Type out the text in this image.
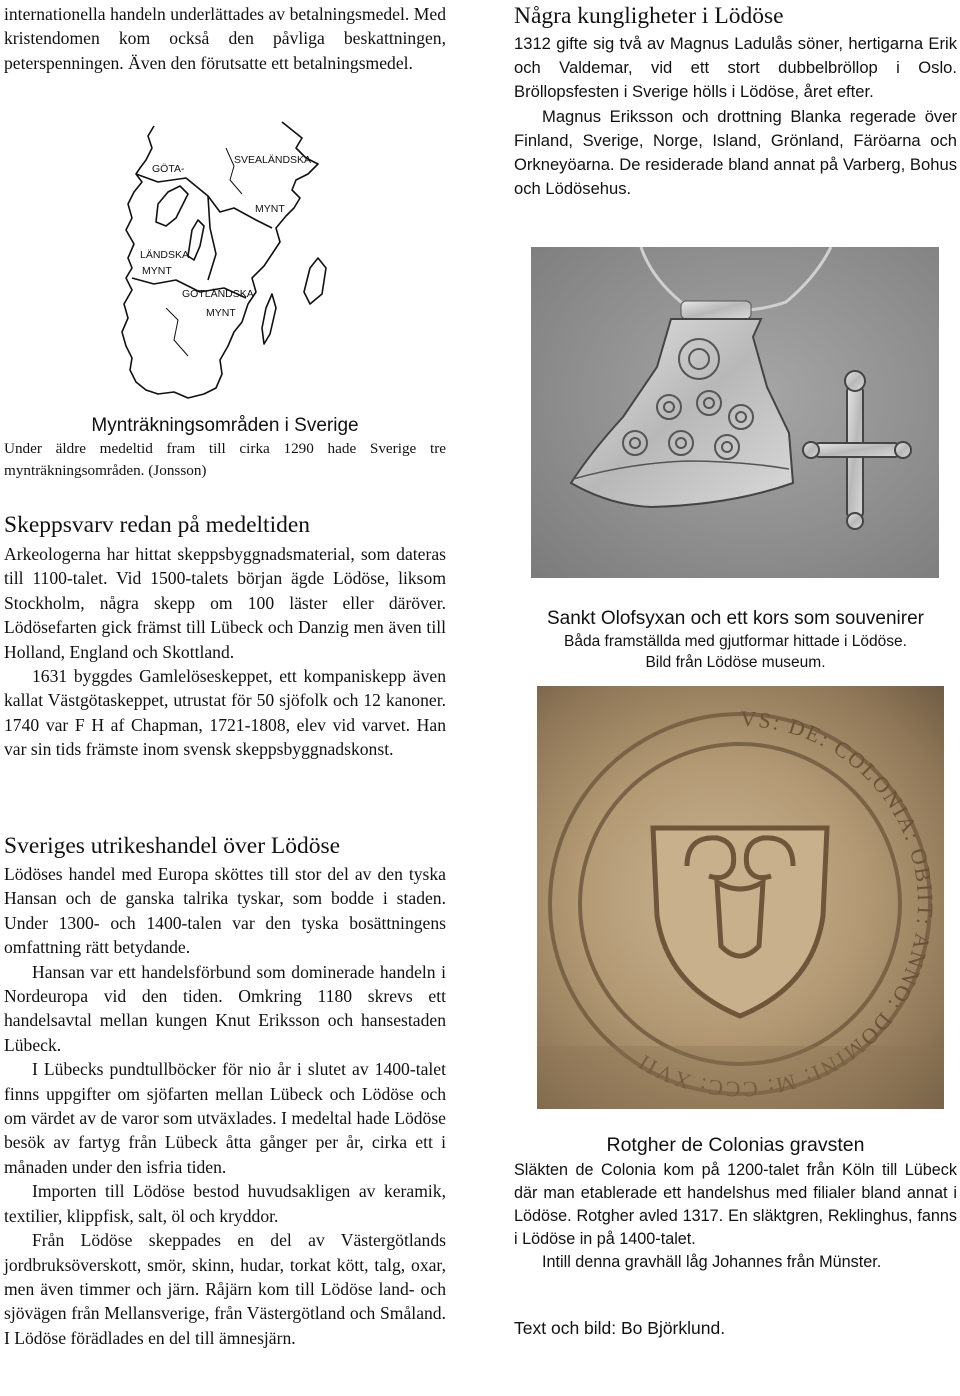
internationella handeln underlättades av betalningsmedel. Med kristendomen kom också den påvliga beskattningen, peterspenningen. Även den förutsatte ett betalningsmedel.

GÖTA-
SVEALÄNDSKA
MYNT
LÄNDSKA
MYNT
GOTLÄNDSKA
MYNT

Mynträkningsområden i Sverige

Under äldre medeltid fram till cirka 1290 hade Sverige tre mynträkningsområden. (Jonsson)

Skeppsvarv redan på medeltiden

Arkeologerna har hittat skeppsbyggnadsmaterial, som dateras till 1100-talet. Vid 1500-talets början ägde Lödöse, liksom Stockholm, några skepp om 100 läster eller däröver. Lödösefarten gick främst till Lübeck och Danzig men även till Holland, England och Skottland.

1631 byggdes Gamlelöseskeppet, ett kompaniskepp även kallat Västgötaskeppet, utrustat för 50 sjöfolk och 12 kanoner. 1740 var F H af Chapman, 1721-1808, elev vid varvet. Han var sin tids främste inom svensk skeppsbyggnadskonst.

Sveriges utrikeshandel över Lödöse

Lödöses handel med Europa sköttes till stor del av den tyska Hansan och de ganska talrika tyskar, som bodde i staden. Under 1300- och 1400-talen var den tyska bosättningens omfattning rätt betydande.

Hansan var ett handelsförbund som dominerade handeln i Nordeuropa vid den tiden. Omkring 1180 skrevs ett handelsavtal mellan kungen Knut Eriksson och hansestaden Lübeck.

I Lübecks pundtullböcker för nio år i slutet av 1400-talet finns uppgifter om sjöfarten mellan Lübeck och Lödöse och om värdet av de varor som utväxlades. I medeltal hade Lödöse besök av fartyg från Lübeck åtta gånger per år, cirka ett i månaden under den isfria tiden.

Importen till Lödöse bestod huvudsakligen av keramik, textilier, klippfisk, salt, öl och kryddor.

Från Lödöse skeppades en del av Västergötlands jordbruksöverskott, smör, skinn, hudar, torkat kött, talg, oxar, men även timmer och järn. Råjärn kom till Lödöse land- och sjövägen från Mellansverige, från Västergötland och Småland. I Lödöse förädlades en del till ämnesjärn.

Några kungligheter i Lödöse

1312 gifte sig två av Magnus Ladulås söner, hertigarna Erik och Valdemar, vid ett stort dubbelbröllop i Oslo. Bröllopsfesten i Sverige hölls i Lödöse, året efter.

Magnus Eriksson och drottning Blanka regerade över Finland, Sverige, Norge, Island, Grönland, Färöarna och Orkneyöarna. De residerade bland annat på Varberg, Bohus och Lödösehus.

Sankt Olofsyxan och ett kors som souvenirer

Båda framställda med gjutformar hittade i Lödöse.

Bild från Lödöse museum.

VS: DE: COLONIA: OBIIT: ANNO: DOMINI: M: CCC: XVII

Rotgher de Colonias gravsten

Släkten de Colonia kom på 1200-talet från Köln till Lübeck där man etablerade ett handelshus med filialer bland annat i Lödöse. Rotgher avled 1317. En släktgren, Reklinghus, fanns i Lödöse in på 1400-talet.

Intill denna gravhäll låg Johannes från Münster.

Text och bild: Bo Björklund.
